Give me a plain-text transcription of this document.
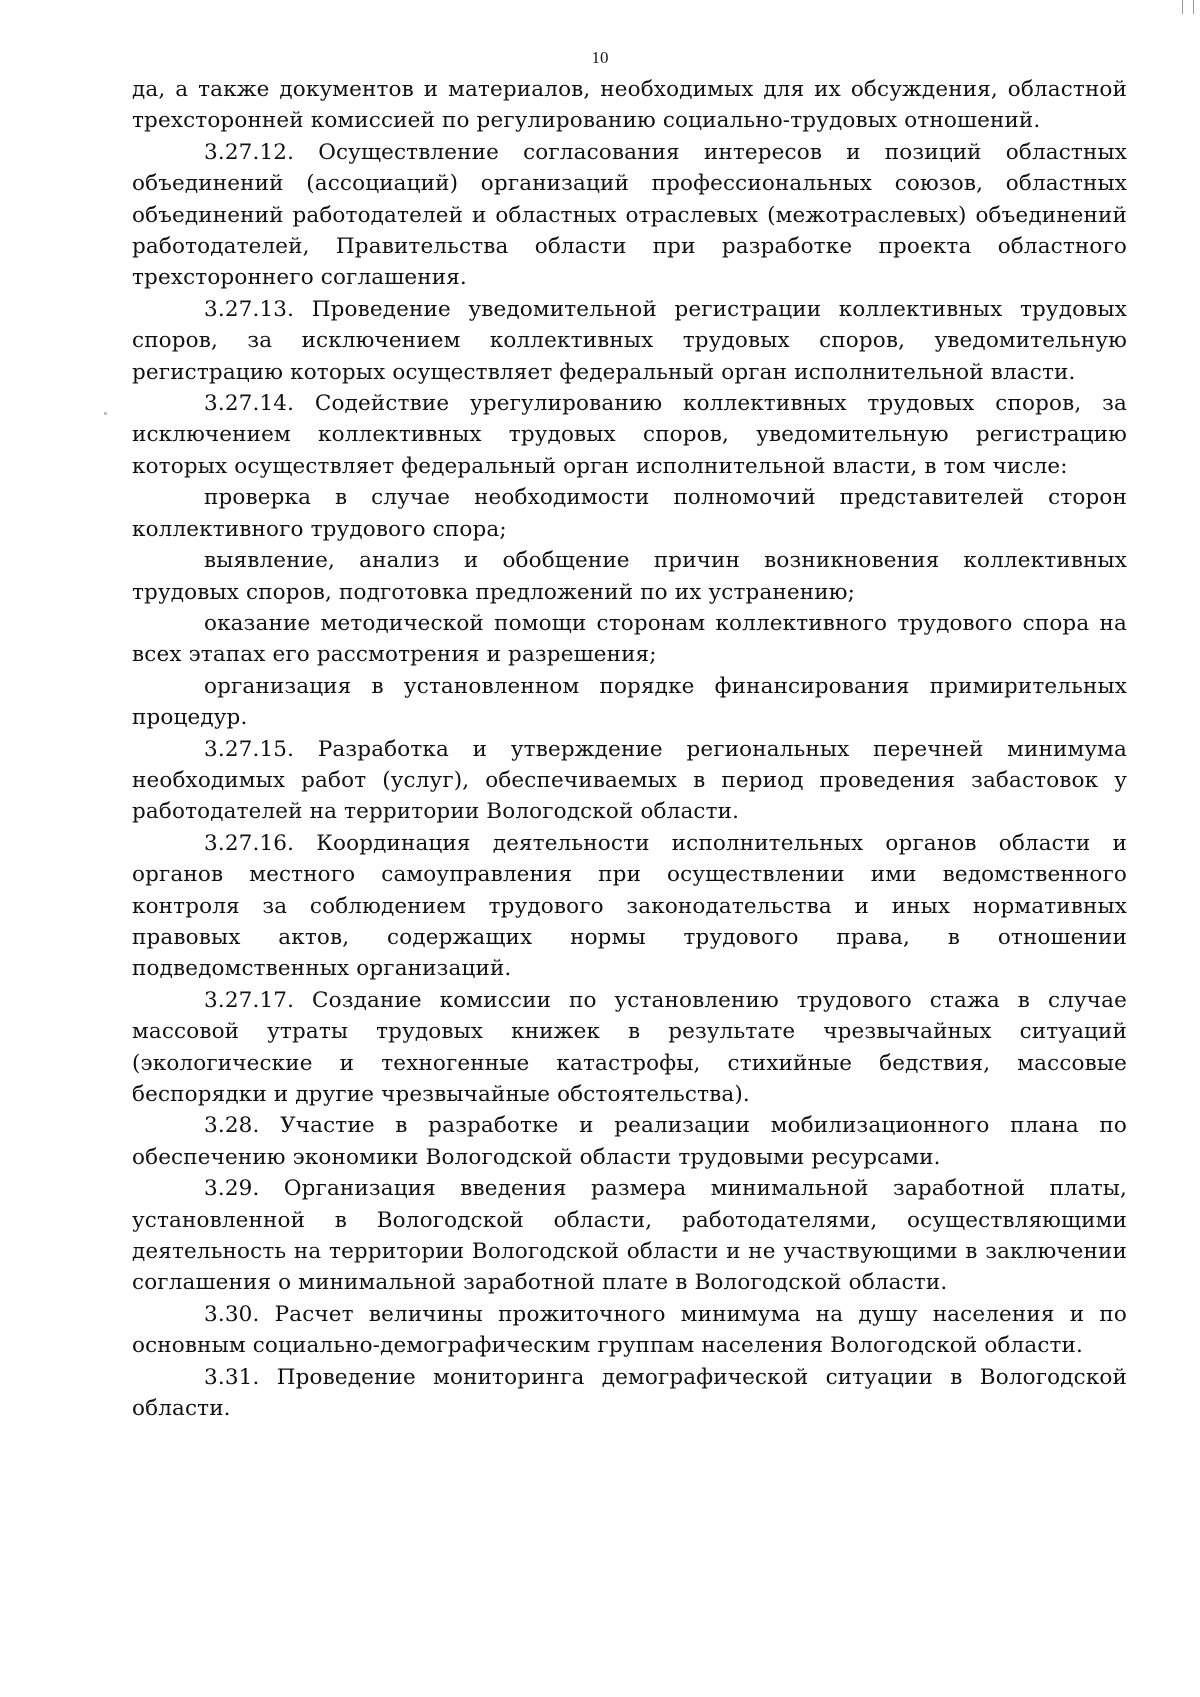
10

да, а также документов и материалов, необходимых для их обсуждения, областной трехсторонней комиссией по регулированию социально-трудовых отношений.

3.27.12. Осуществление согласования интересов и позиций областных объединений (ассоциаций) организаций профессиональных союзов, областных объединений работодателей и областных отраслевых (межотраслевых) объединений работодателей, Правительства области при разработке проекта областного трехстороннего соглашения.

3.27.13. Проведение уведомительной регистрации коллективных трудовых споров, за исключением коллективных трудовых споров, уведомительную регистрацию которых осуществляет федеральный орган исполнительной власти.

3.27.14. Содействие урегулированию коллективных трудовых споров, за исключением коллективных трудовых споров, уведомительную регистрацию которых осуществляет федеральный орган исполнительной власти, в том числе:

проверка в случае необходимости полномочий представителей сторон коллективного трудового спора;

выявление, анализ и обобщение причин возникновения коллективных трудовых споров, подготовка предложений по их устранению;

оказание методической помощи сторонам коллективного трудового спора на всех этапах его рассмотрения и разрешения;

организация в установленном порядке финансирования примирительных процедур.

3.27.15. Разработка и утверждение региональных перечней минимума необходимых работ (услуг), обеспечиваемых в период проведения забастовок у работодателей на территории Вологодской области.

3.27.16. Координация деятельности исполнительных органов области и органов местного самоуправления при осуществлении ими ведомственного контроля за соблюдением трудового законодательства и иных нормативных правовых актов, содержащих нормы трудового права, в отношении подведомственных организаций.

3.27.17. Создание комиссии по установлению трудового стажа в случае массовой утраты трудовых книжек в результате чрезвычайных ситуаций (экологические и техногенные катастрофы, стихийные бедствия, массовые беспорядки и другие чрезвычайные обстоятельства).

3.28. Участие в разработке и реализации мобилизационного плана по обеспечению экономики Вологодской области трудовыми ресурсами.

3.29. Организация введения размера минимальной заработной платы, установленной в Вологодской области, работодателями, осуществляющими деятельность на территории Вологодской области и не участвующими в заключении соглашения о минимальной заработной плате в Вологодской области.

3.30. Расчет величины прожиточного минимума на душу населения и по основным социально-демографическим группам населения Вологодской области.

3.31. Проведение мониторинга демографической ситуации в Вологодской области.
